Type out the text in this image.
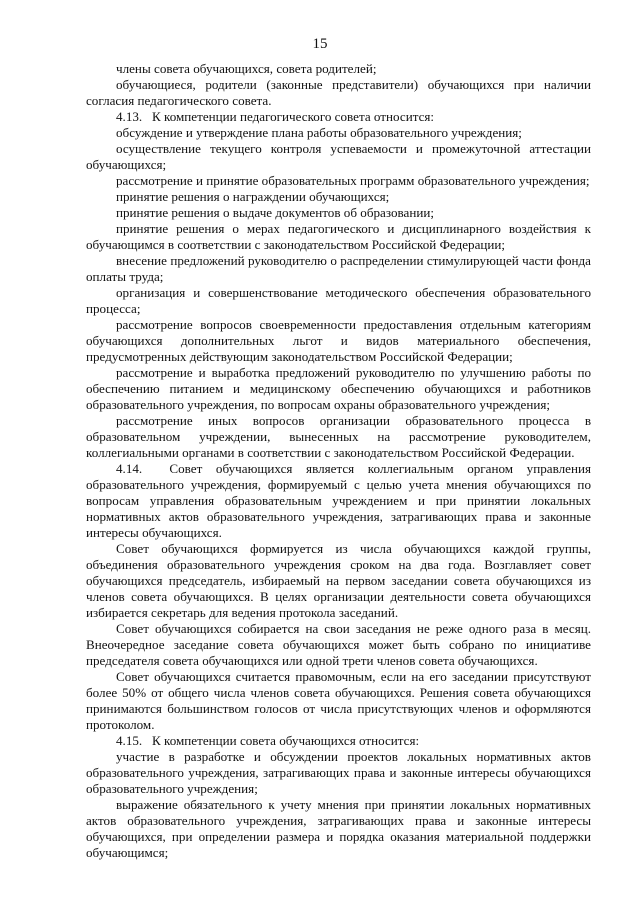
15

члены совета обучающихся, совета родителей;

обучающиеся, родители (законные представители) обучающихся при наличии согласия педагогического совета.

4.13.   К компетенции педагогического совета относится:

обсуждение и утверждение плана работы образовательного учреждения;

осуществление текущего контроля успеваемости и промежуточной аттестации обучающихся;

рассмотрение и принятие образовательных программ образовательного учреждения;

принятие решения о награждении обучающихся;

принятие решения о выдаче документов об образовании;

принятие решения о мерах педагогического и дисциплинарного воздействия к обучающимся в соответствии с законодательством Российской Федерации;

внесение предложений руководителю о распределении стимулирующей части фонда оплаты труда;

организация и совершенствование методического обеспечения образовательного процесса;

рассмотрение вопросов своевременности предоставления отдельным категориям обучающихся дополнительных льгот и видов материального обеспечения, предусмотренных действующим законодательством Российской Федерации;

рассмотрение и выработка предложений руководителю по улучшению работы по обеспечению питанием и медицинскому обеспечению обучающихся и работников образовательного учреждения, по вопросам охраны образовательного учреждения;

рассмотрение иных вопросов организации образовательного процесса в образовательном учреждении, вынесенных на рассмотрение руководителем, коллегиальными органами в соответствии с законодательством Российской Федерации.

4.14.  Совет обучающихся является коллегиальным органом управления образовательного учреждения, формируемый с целью учета мнения обучающихся по вопросам управления образовательным учреждением и при принятии локальных нормативных актов образовательного учреждения, затрагивающих права и законные интересы обучающихся.

Совет обучающихся формируется из числа обучающихся каждой группы, объединения образовательного учреждения сроком на два года. Возглавляет совет обучающихся председатель, избираемый на первом заседании совета обучающихся из членов совета обучающихся. В целях организации деятельности совета обучающихся избирается секретарь для ведения протокола заседаний.

Совет обучающихся собирается на свои заседания не реже одного раза в месяц. Внеочередное заседание совета обучающихся может быть собрано по инициативе председателя совета обучающихся или одной трети членов совета обучающихся.

Совет обучающихся считается правомочным, если на его заседании присутствуют более 50% от общего числа членов совета обучающихся. Решения совета обучающихся принимаются большинством голосов от числа присутствующих членов и оформляются протоколом.

4.15.   К компетенции совета обучающихся относится:

участие в разработке и обсуждении проектов локальных нормативных актов образовательного учреждения, затрагивающих права и законные интересы обучающихся образовательного учреждения;

выражение обязательного к учету мнения при принятии локальных нормативных актов образовательного учреждения, затрагивающих права и законные интересы обучающихся, при определении размера и порядка оказания материальной поддержки обучающимся;
